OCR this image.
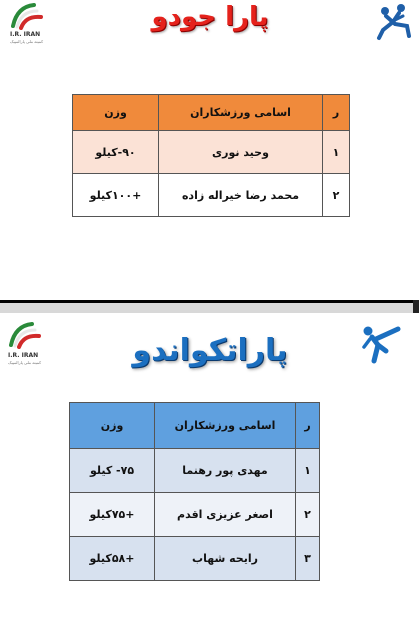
I.R. IRAN
کمیته ملی پارالمپیک
پارا جودو
ر	اسامی ورزشکاران	وزن
۱	وحید نوری	۹۰-کیلو
۲	محمد رضا خیراله زاده	+۱۰۰کیلو
I.R. IRAN
کمیته ملی پارالمپیک	پاراتکواندو
ر	اسامی ورزشکاران	وزن
۱	مهدی پور رهنما	۷۵- کیلو
۲	اصغر عزیزی اقدم	+۷۵کیلو
۳	رایحه شهاب	+۵۸کیلو
